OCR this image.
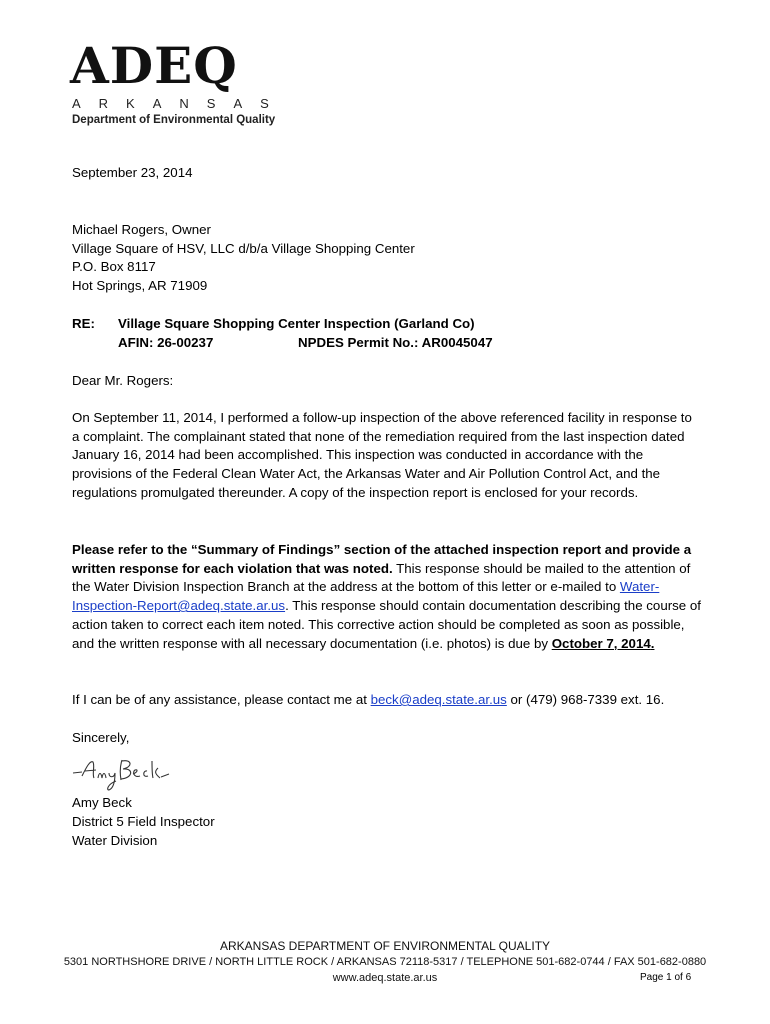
ADEQ
ARKANSAS
Department of Environmental Quality
September 23, 2014
Michael Rogers, Owner
Village Square of HSV, LLC d/b/a Village Shopping Center
P.O. Box 8117
Hot Springs, AR 71909
RE: Village Square Shopping Center Inspection (Garland Co)
AFIN: 26-00237	NPDES Permit No.: AR0045047
Dear Mr. Rogers:
On September 11, 2014, I performed a follow-up inspection of the above referenced facility in response to a complaint. The complainant stated that none of the remediation required from the last inspection dated January 16, 2014 had been accomplished. This inspection was conducted in accordance with the provisions of the Federal Clean Water Act, the Arkansas Water and Air Pollution Control Act, and the regulations promulgated thereunder. A copy of the inspection report is enclosed for your records.
Please refer to the “Summary of Findings” section of the attached inspection report and provide a written response for each violation that was noted. This response should be mailed to the attention of the Water Division Inspection Branch at the address at the bottom of this letter or e-mailed to Water-Inspection-Report@adeq.state.ar.us. This response should contain documentation describing the course of action taken to correct each item noted. This corrective action should be completed as soon as possible, and the written response with all necessary documentation (i.e. photos) is due by October 7, 2014.
If I can be of any assistance, please contact me at beck@adeq.state.ar.us or (479) 968-7339 ext. 16.
Sincerely,
Amy Beck
District 5 Field Inspector
Water Division
ARKANSAS DEPARTMENT OF ENVIRONMENTAL QUALITY
5301 NORTHSHORE DRIVE / NORTH LITTLE ROCK / ARKANSAS 72118-5317 / TELEPHONE 501-682-0744 / FAX 501-682-0880
www.adeq.state.ar.us	Page 1 of 6
